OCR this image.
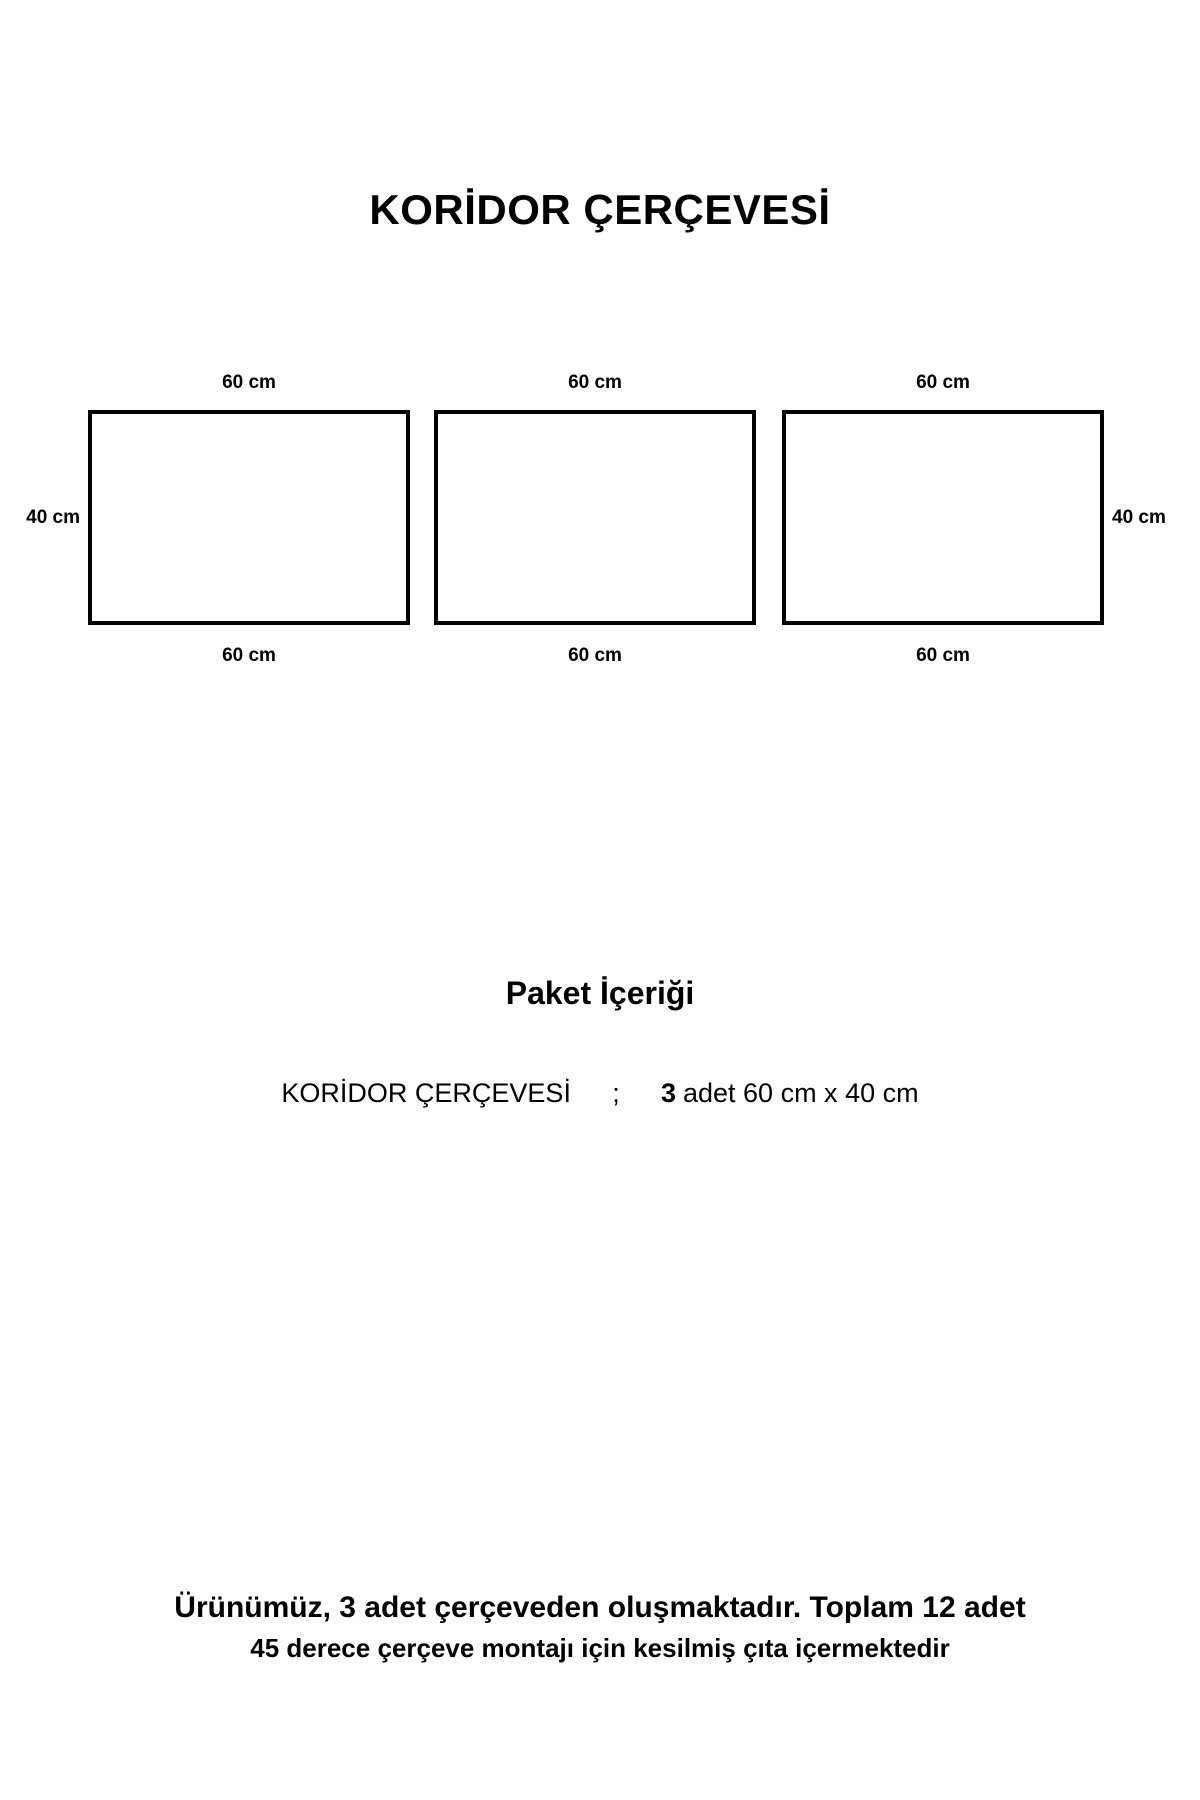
KORİDOR ÇERÇEVESİ
60 cm
60 cm
40 cm
60 cm
60 cm
60 cm
60 cm
40 cm
Paket İçeriği
KORİDOR ÇERÇEVESİ	;	3 adet 60 cm x 40 cm
Ürünümüz, 3 adet çerçeveden oluşmaktadır. Toplam 12 adet
45 derece çerçeve montajı için kesilmiş çıta içermektedir
